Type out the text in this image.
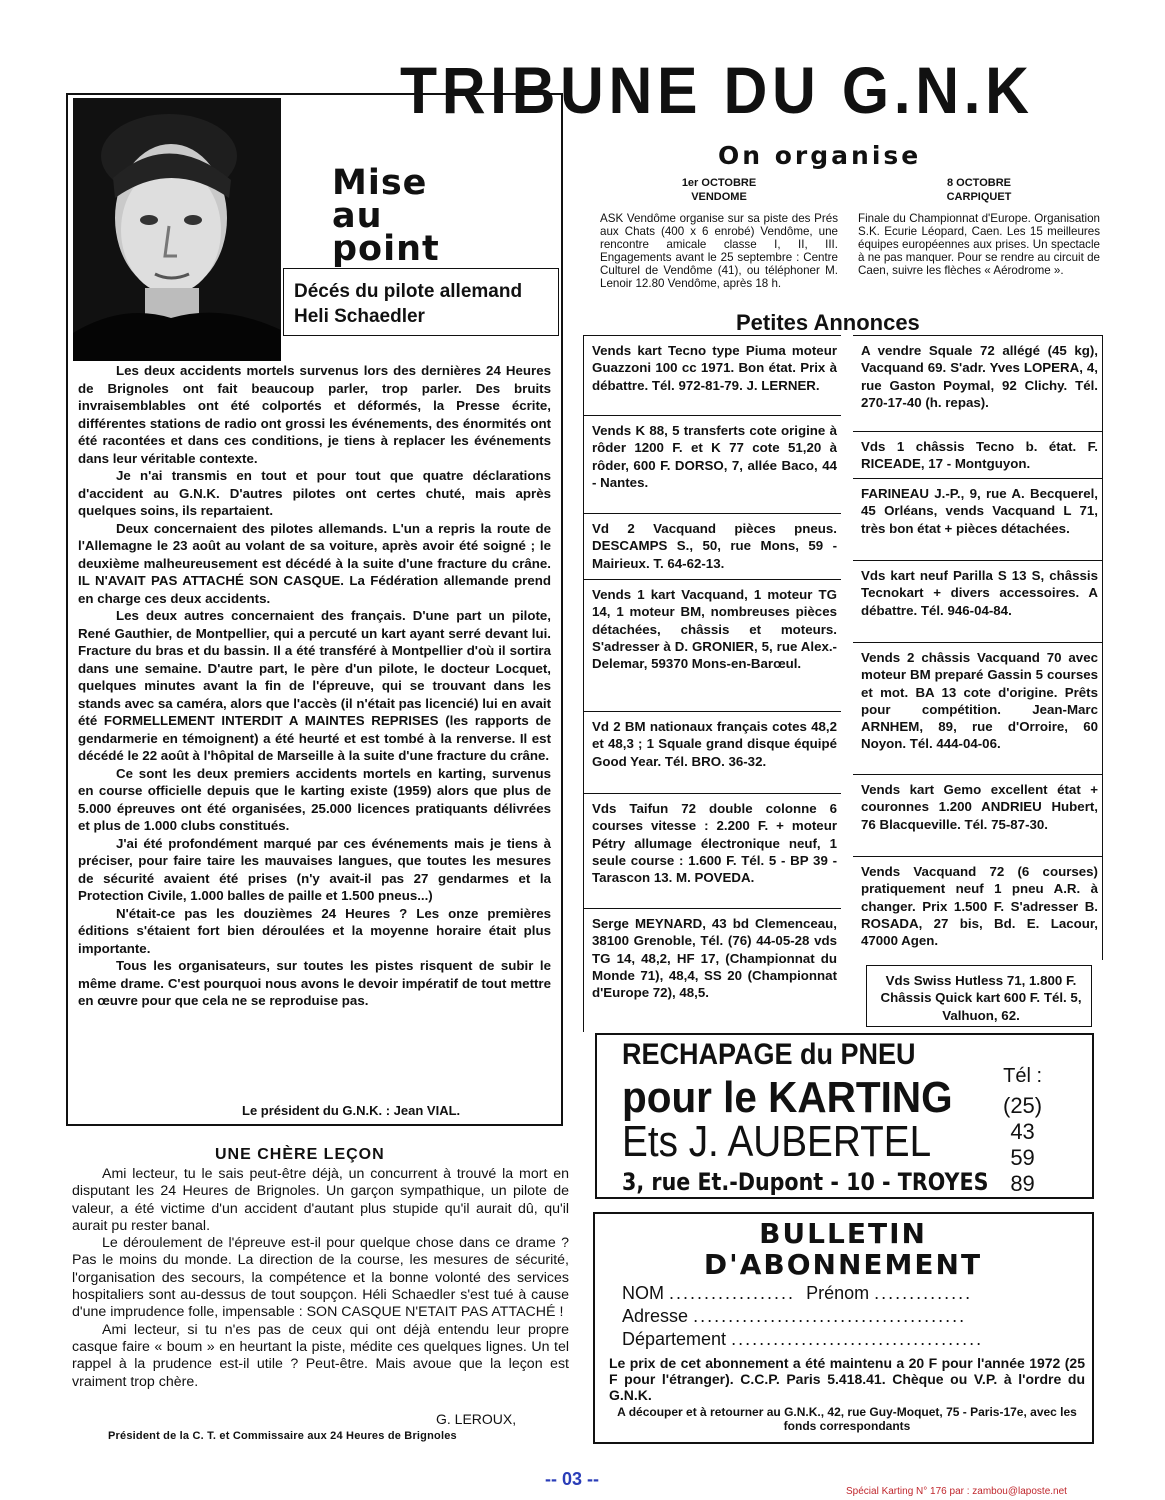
TRIBUNE DU G.N.K
Mise
au
point
Décés du pilote allemand
Heli Schaedler

Les deux accidents mortels survenus lors des dernières 24 Heures de Brignoles ont fait beaucoup parler, trop parler. Des bruits invraisemblables ont été colportés et déformés, la Presse écrite, différentes stations de radio ont grossi les événements, des énormités ont été racontées et dans ces conditions, je tiens à replacer les événements dans leur véritable contexte.

Je n'ai transmis en tout et pour tout que quatre déclarations d'accident au G.N.K. D'autres pilotes ont certes chuté, mais après quelques soins, ils repartaient.

Deux concernaient des pilotes allemands. L'un a repris la route de l'Allemagne le 23 août au volant de sa voiture, après avoir été soigné ; le deuxième malheureusement est décédé à la suite d'une fracture du crâne. IL N'AVAIT PAS ATTACHÉ SON CASQUE. La Fédération allemande prend en charge ces deux accidents.

Les deux autres concernaient des français. D'une part un pilote, René Gauthier, de Montpellier, qui a percuté un kart ayant serré devant lui. Fracture du bras et du bassin. Il a été transféré à Montpellier d'où il sortira dans une semaine. D'autre part, le père d'un pilote, le docteur Locquet, quelques minutes avant la fin de l'épreuve, qui se trouvant dans les stands avec sa caméra, alors que l'accès (il n'était pas licencié) lui en avait été FORMELLEMENT INTERDIT A MAINTES REPRISES (les rapports de gendarmerie en témoignent) a été heurté et est tombé à la renverse. Il est décédé le 22 août à l'hôpital de Marseille à la suite d'une fracture du crâne.

Ce sont les deux premiers accidents mortels en karting, survenus en course officielle depuis que le karting existe (1959) alors que plus de 5.000 épreuves ont été organisées, 25.000 licences pratiquants délivrées et plus de 1.000 clubs constitués.

J'ai été profondément marqué par ces événements mais je tiens à préciser, pour faire taire les mauvaises langues, que toutes les mesures de sécurité avaient été prises (n'y avait-il pas 27 gendarmes et la Protection Civile, 1.000 balles de paille et 1.500 pneus...)

N'était-ce pas les douzièmes 24 Heures ? Les onze premières éditions s'étaient fort bien déroulées et la moyenne horaire était plus importante.

Tous les organisateurs, sur toutes les pistes risquent de subir le même drame. C'est pourquoi nous avons le devoir impératif de tout mettre en œuvre pour que cela ne se reproduise pas.

Le président du G.N.K. : Jean VIAL.
UNE CHÈRE LEÇON

Ami lecteur, tu le sais peut-être déjà, un concurrent à trouvé la mort en disputant les 24 Heures de Brignoles. Un garçon sympathique, un pilote de valeur, a été victime d'un accident d'autant plus stupide qu'il aurait dû, qu'il aurait pu rester banal.

Le déroulement de l'épreuve est-il pour quelque chose dans ce drame ? Pas le moins du monde. La direction de la course, les mesures de sécurité, l'organisation des secours, la compétence et la bonne volonté des services hospitaliers sont au-dessus de tout soupçon. Héli Schaedler s'est tué à cause d'une imprudence folle, impensable : SON CASQUE N'ETAIT PAS ATTACHÉ !

Ami lecteur, si tu n'es pas de ceux qui ont déjà entendu leur propre casque faire « boum » en heurtant la piste, médite ces quelques lignes. Un tel rappel à la prudence est-il utile ? Peut-être. Mais avoue que la leçon est vraiment trop chère.

G. LEROUX,
Président de la C. T. et Commissaire aux 24 Heures de Brignoles
On organise
1er OCTOBRE
VENDOME
ASK Vendôme organise sur sa piste des Prés aux Chats (400 x 6 enrobé) Vendôme, une rencontre amicale classe I, II, III. Engagements avant le 25 septembre : Centre Culturel de Vendôme (41), ou téléphoner M. Lenoir 12.80 Vendôme, après 18 h.
8 OCTOBRE
CARPIQUET
Finale du Championnat d'Europe. Organisation S.K. Ecurie Léopard, Caen. Les 15 meilleures équipes européennes aux prises. Un spectacle à ne pas manquer. Pour se rendre au circuit de Caen, suivre les flèches « Aérodrome ».
Petites Annonces
Vends kart Tecno type Piuma moteur Guazzoni 100 cc 1971. Bon état. Prix à débattre. Tél. 972-81-79. J. LERNER.
Vends K 88, 5 transferts cote origine à rôder 1200 F. et K 77 cote 51,20 à rôder, 600 F. DORSO, 7, allée Baco, 44 - Nantes.
Vd 2 Vacquand pièces pneus. DESCAMPS S., 50, rue Mons, 59 - Mairieux. T. 64-62-13.
Vends 1 kart Vacquand, 1 moteur TG 14, 1 moteur BM, nombreuses pièces détachées, châssis et moteurs. S'adresser à D. GRONIER, 5, rue Alex.-Delemar, 59370 Mons-en-Barœul.
Vd 2 BM nationaux français cotes 48,2 et 48,3 ; 1 Squale grand disque équipé Good Year. Tél. BRO. 36-32.
Vds Taifun 72 double colonne 6 courses vitesse : 2.200 F. + moteur Pétry allumage électronique neuf, 1 seule course : 1.600 F. Tél. 5 - BP 39 - Tarascon 13. M. POVEDA.
Serge MEYNARD, 43 bd Clemenceau, 38100 Grenoble, Tél. (76) 44-05-28 vds TG 14, 48,2, HF 17, (Championnat du Monde 71), 48,4, SS 20 (Championnat d'Europe 72), 48,5.
A vendre Squale 72 allégé (45 kg), Vacquand 69. S'adr. Yves LOPERA, 4, rue Gaston Poymal, 92 Clichy. Tél. 270-17-40 (h. repas).
Vds 1 châssis Tecno b. état. F. RICEADE, 17 - Montguyon.
FARINEAU J.-P., 9, rue A. Becquerel, 45 Orléans, vends Vacquand L 71, très bon état + pièces détachées.
Vds kart neuf Parilla S 13 S, châssis Tecnokart + divers accessoires. A débattre. Tél. 946-04-84.
Vends 2 châssis Vacquand 70 avec moteur BM preparé Gassin 5 courses et mot. BA 13 cote d'origine. Prêts pour compétition. Jean-Marc ARNHEM, 89, rue d'Orroire, 60 Noyon. Tél. 444-04-06.
Vends kart Gemo excellent état + couronnes 1.200 ANDRIEU Hubert, 76 Blacqueville. Tél. 75-87-30.
Vends Vacquand 72 (6 courses) pratiquement neuf 1 pneu A.R. à changer. Prix 1.500 F. S'adresser B. ROSADA, 27 bis, Bd. E. Lacour, 47000 Agen.
Vds Swiss Hutless 71, 1.800 F. Châssis Quick kart 600 F. Tél. 5, Valhuon, 62.
RECHAPAGE du PNEU
pour le KARTING
Ets J. AUBERTEL
3, rue Et.-Dupont - 10 - TROYES
Tél :
(25)
43
59
89
BULLETIN
D'ABONNEMENT
NOM .................. Prénom ..............
Adresse .......................................
Département ....................................
Le prix de cet abonnement a été maintenu a 20 F pour l'année 1972 (25 F pour l'étranger). C.C.P. Paris 5.418.41. Chèque ou V.P. à l'ordre du G.N.K.
A découper et à retourner au G.N.K., 42, rue Guy-Moquet, 75 - Paris-17e, avec les fonds correspondants
-- 03 --
Spécial Karting N° 176 par : zambou@laposte.net
